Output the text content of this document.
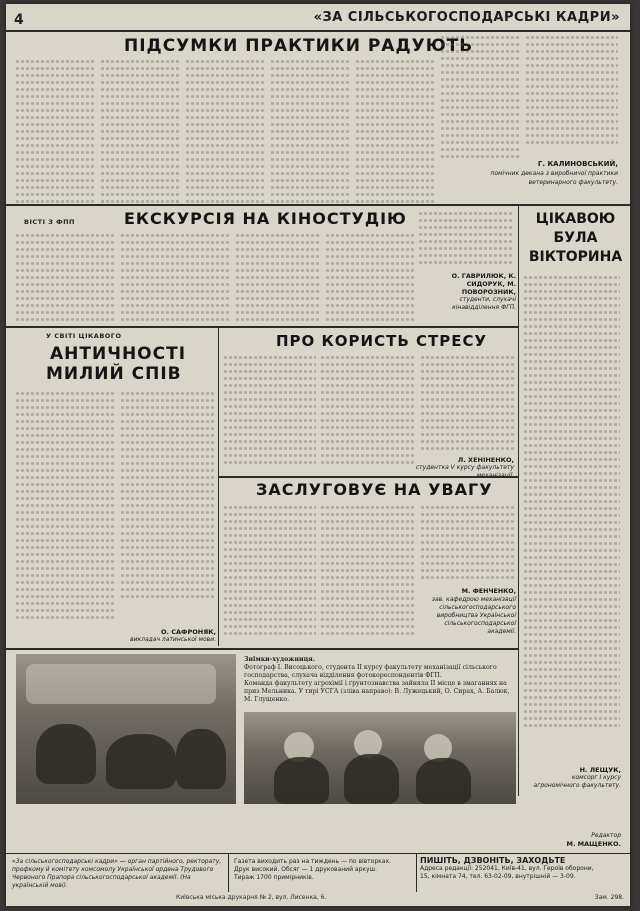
4	«ЗА СІЛЬСЬКОГОСПОДАРСЬКІ КАДРИ»
ПІДСУМКИ ПРАКТИКИ РАДУЮТЬ
Г. КАЛИНОВСЬКИЙ,
помічник декана з виробничої практики ветеринарного факультету.
ВІСТІ З ФПП	ЕКСКУРСІЯ НА КІНОСТУДІЮ
О. ГАВРИЛЮК, К. СИДОРУК, М. ПОВОРОЗНИК,
студенти, слухачі кінавідділення ФГП.
ЦІКАВОЮ БУЛА ВІКТОРИНА
Н. ЛЕЩУК,
комсорг I курсу агрономічного факультету.
Редактор
М. МАЩЕНКО.
У СВІТІ ЦІКАВОГО
АНТИЧНОСТІ
МИЛИЙ СПІВ
О. САФРОНЯК,
викладач латинської мови.
ПРО КОРИСТЬ СТРЕСУ
Л. ХЕНІНЕНКО,
студентка V курсу факультету
ЗАСЛУГОВУЄ НА УВАГУ
М. ФЕНЧЕНКО,
зав. кафедрою механізації сільськогосподарського виробництва Української сільськогосподарської академії.
Знімки-художниця.
Фотограф І. Висоцького, студента II курсу факультету механізації сільського господарства, слухача відділення фотокореспондентів ФГП.
Команда факультету агрохімії і ґрунтознавства зайняла II місце в змаганнях на приз Мельника. У тирі УСГА (зліва направо): В. Лужецький, О. Сирах, А. Балюк, М. Глущенко.
«За сільськогосподарські кадри» — орган партійного, ректорату, профкому й комітету комсомолу Української ордена Трудового Червоного Прапора сільськогосподарської академії. (На українській мові).
Газета виходить раз на тиждень — по вівторках.
Друк високий. Обсяг — 1 друкований аркуш.
Тираж 1700 примірників.
ПИШІТЬ, ДЗВОНІТЬ, ЗАХОДЬТЕ
Адреса редакції: 252041, Київ-41, вул. Героїв оборони,
15, кімната 74, тел. 63-02-09, внутрішній — 3-09.
Київська міська друкарня № 2, вул. Лисенка, 6.	Зам. 298.
